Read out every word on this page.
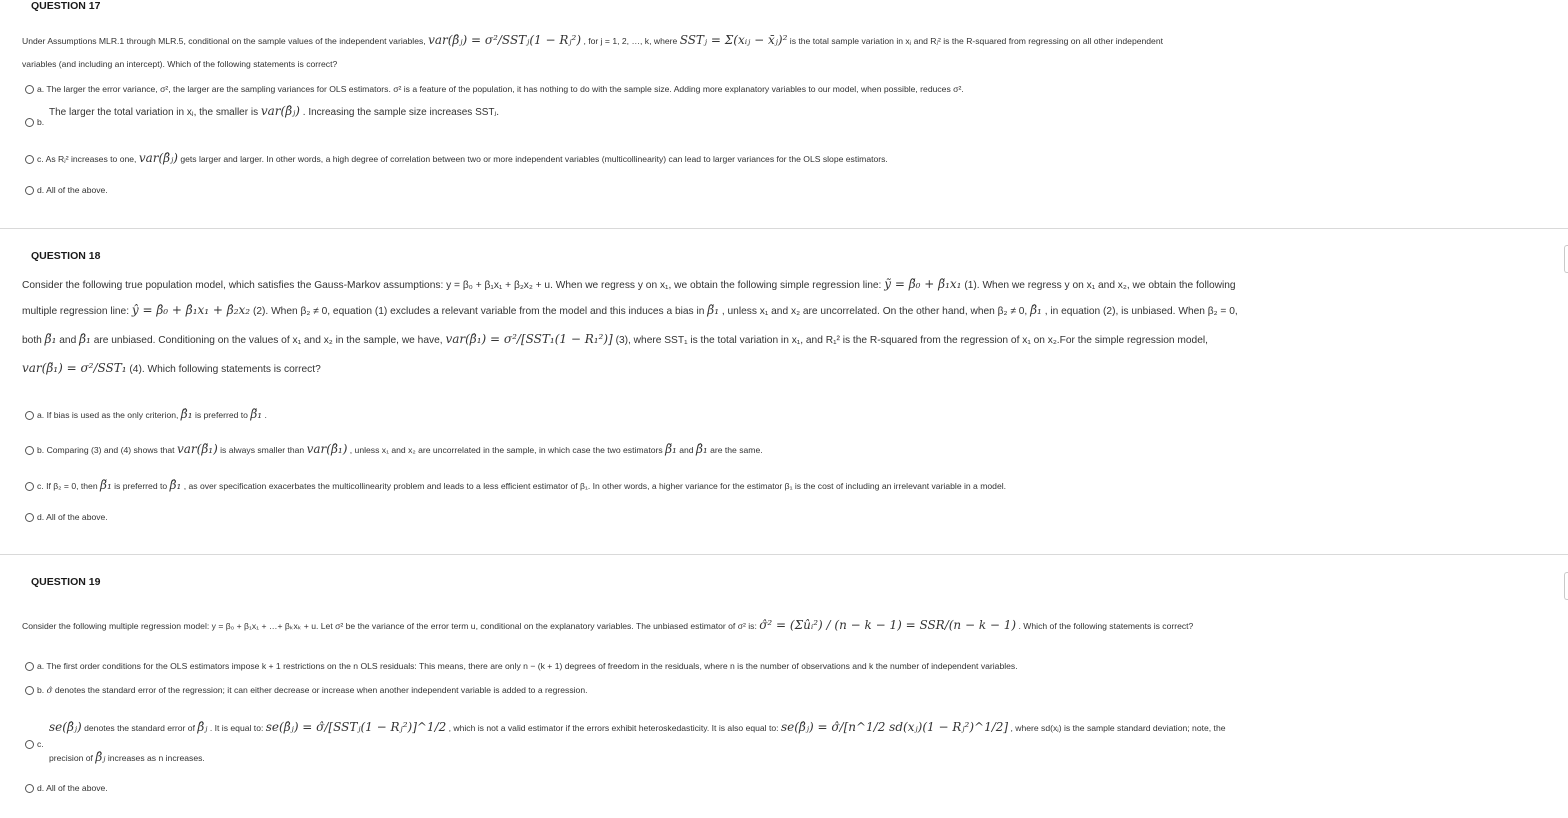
QUESTION 17
Under Assumptions MLR.1 through MLR.5, conditional on the sample values of the independent variables, var(β̂ⱼ) = σ²/SSTⱼ(1 − Rⱼ²) , for j = 1, 2, …, k, where SSTⱼ = Σ(xᵢⱼ − x̄ⱼ)² is the total sample variation in xⱼ and Rⱼ² is the R-squared from regressing on all other independent
variables (and including an intercept). Which of the following statements is correct?
a. The larger the error variance, σ², the larger are the sampling variances for OLS estimators. σ² is a feature of the population, it has nothing to do with the sample size. Adding more explanatory variables to our model, when possible, reduces σ².
The larger the total variation in xⱼ, the smaller is var(β̂ⱼ) . Increasing the sample size increases SSTⱼ.
b.
c. As Rⱼ² increases to one, var(β̂ⱼ) gets larger and larger. In other words, a high degree of correlation between two or more independent variables (multicollinearity) can lead to larger variances for the OLS slope estimators.
d. All of the above.
QUESTION 18
Consider the following true population model, which satisfies the Gauss-Markov assumptions: y = β₀ + β₁x₁ + β₂x₂ + u. When we regress y on x₁, we obtain the following simple regression line: ỹ = β̃₀ + β̃₁x₁ (1). When we regress y on x₁ and x₂, we obtain the following
multiple regression line: ŷ = β̂₀ + β̂₁x₁ + β̂₂x₂ (2). When β₂ ≠ 0, equation (1) excludes a relevant variable from the model and this induces a bias in β̃₁ , unless x₁ and x₂ are uncorrelated. On the other hand, when β₂ ≠ 0, β̂₁ , in equation (2), is unbiased. When β₂ = 0,
both β̃₁ and β̂₁ are unbiased. Conditioning on the values of x₁ and x₂ in the sample, we have, var(β̂₁) = σ²/[SST₁(1 − R₁²)] (3), where SST₁ is the total variation in x₁, and R₁² is the R-squared from the regression of x₁ on x₂.For the simple regression model,
var(β̃₁) = σ²/SST₁ (4). Which following statements is correct?
a. If bias is used as the only criterion, β̂₁ is preferred to β̃₁ .
b. Comparing (3) and (4) shows that var(β̃₁) is always smaller than var(β̂₁) , unless x₁ and x₂ are uncorrelated in the sample, in which case the two estimators β̃₁ and β̂₁ are the same.
c. If β₂ = 0, then β̃₁ is preferred to β̂₁ , as over specification exacerbates the multicollinearity problem and leads to a less efficient estimator of β₁. In other words, a higher variance for the estimator β₁ is the cost of including an irrelevant variable in a model.
d. All of the above.
QUESTION 19
Consider the following multiple regression model: y = β₀ + β₁x₁ + …+ βₖxₖ + u. Let σ² be the variance of the error term u, conditional on the explanatory variables. The unbiased estimator of σ² is: σ̂² = (Σûᵢ²) / (n − k − 1) = SSR/(n − k − 1) . Which of the following statements is correct?
a. The first order conditions for the OLS estimators impose k + 1 restrictions on the n OLS residuals: This means, there are only n − (k + 1) degrees of freedom in the residuals, where n is the number of observations and k the number of independent variables.
b. σ̂ denotes the standard error of the regression; it can either decrease or increase when another independent variable is added to a regression.
se(β̂ⱼ) denotes the standard error of β̂ⱼ . It is equal to: se(β̂ⱼ) = σ̂/[SSTⱼ(1 − Rⱼ²)]^1/2 , which is not a valid estimator if the errors exhibit heteroskedasticity. It is also equal to: se(β̂ⱼ) = σ̂/[n^1/2 sd(xⱼ)(1 − Rⱼ²)^1/2] , where sd(xⱼ) is the sample standard deviation; note, the
c.
precision of β̂ⱼ increases as n increases.
d. All of the above.
